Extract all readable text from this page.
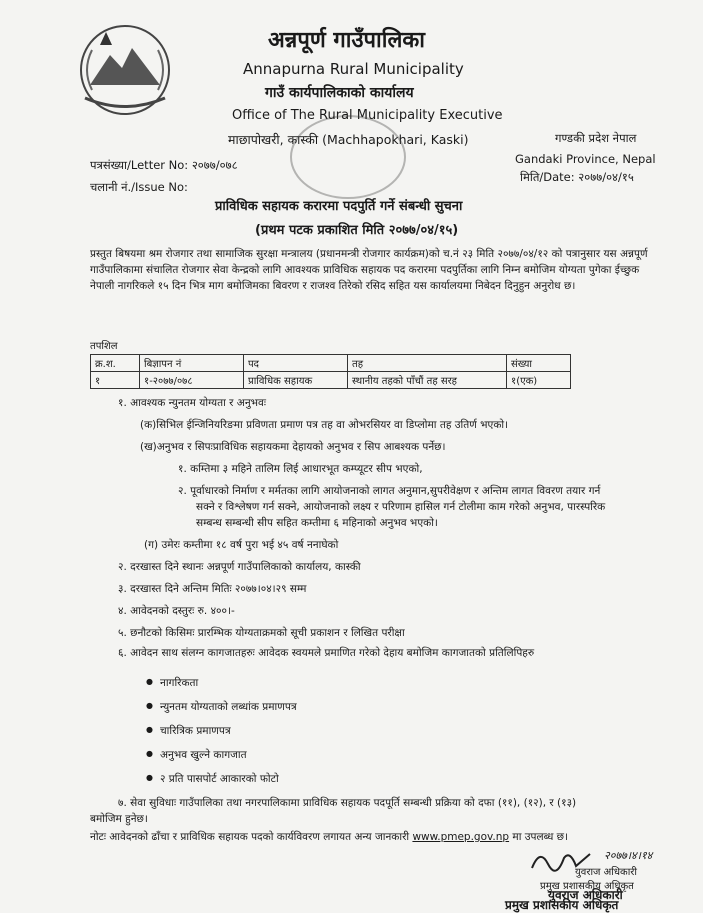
अन्नपूर्ण गाउँपालिका
Annapurna Rural Municipality
गाउँ कार्यपालिकाको कार्यालय
Office of The Rural Municipality Executive
माछापोखरी, कास्की (Machhapokhari, Kaski)	गण्डकी प्रदेश नेपाल
Gandaki Province, Nepal
पत्रसंख्या/Letter No: २०७७/०७८
चलानी नं./Issue No:
मिति/Date: २०७७/०४/१५
प्राविधिक सहायक करारमा पदपुर्ति गर्ने संबन्धी सुचना
(प्रथम पटक प्रकाशित मिति २०७७/०४/१५)
प्रस्तुत बिषयमा श्रम रोजगार तथा सामाजिक सुरक्षा मन्त्रालय (प्रधानमन्त्री रोजगार कार्यक्रम)को च.नं २३ मिति २०७७/०४/१२ को पत्रानुसार यस अन्नपूर्ण गाउँपालिकामा संचालित रोजगार सेवा केन्द्रको लागि आवश्यक प्राविधिक सहायक पद करारमा पदपुर्तिका लागि निम्न बमोजिम योग्यता पुगेका ईच्छुक नेपाली नागरिकले १५ दिन भित्र माग बमोजिमका बिवरण र राजश्व तिरेको रसिद सहित यस कार्यालयमा निबेदन दिनुहुन अनुरोध छ।
तपशिल
क्र.श.	बिज्ञापन नं	पद	तह	संख्या
१	१-२०७७/०७८	प्राविधिक सहायक	स्थानीय तहको पाँचौं तह सरह	१(एक)
१. आवश्यक न्युनतम योग्यता र अनुभवः
(क)सिभिल ईन्जिनियरिङमा प्रविणता प्रमाण पत्र तह वा ओभरसियर वा डिप्लोमा तह उतिर्ण भएको।
(ख)अनुभव र सिपःप्राविधिक सहायकमा देहायको अनुभव र सिप आबश्यक पर्नेछ।
१. कम्तिमा ३ महिने तालिम लिई आधारभूत कम्प्यूटर सीप भएको,
२. पूर्वाधारको निर्माण र मर्मतका लागि आयोजनाको लागत अनुमान,सुपरीवेक्षण र अन्तिम लागत विवरण तयार गर्न
सक्ने र विश्लेषण गर्न सक्ने, आयोजनाको लक्ष्य र परिणाम हासिल गर्न टोलीमा काम गरेको अनुभव, पारस्परिक
सम्बन्ध सम्बन्धी सीप सहित कम्तीमा ६ महिनाको अनुभव भएको।
(ग) उमेरः कम्तीमा १८ वर्ष पुरा भई ४५ वर्ष ननाघेको
२. दरखास्त दिने स्थानः अन्नपूर्ण गाउँपालिकाको कार्यालय, कास्की
३. दरखास्त दिने अन्तिम मितिः २०७७।०४।२९ सम्म
४. आवेदनको दस्तुरः रु. ४००।-
५. छनौटको किसिमः प्रारम्भिक योग्यताक्रमको सूची प्रकाशन र लिखित परीक्षा
६. आवेदन साथ संलग्न कागजातहरुः आवेदक स्वयमले प्रमाणित गरेको देहाय बमोजिम कागजातको प्रतिलिपिहरु
● नागरिकता
● न्युनतम योग्यताको लब्धांक प्रमाणपत्र
● चारित्रिक प्रमाणपत्र
● अनुभव खुल्ने कागजात
● २ प्रति पासपोर्ट आकारको फोटो
७. सेवा सुविधाः गाउँपालिका तथा नगरपालिकामा प्राविधिक सहायक पदपूर्ति सम्बन्धी प्रक्रिया को दफा (११), (१२), र (१३)
बमोजिम हुनेछ।
नोटः आवेदनको ढाँचा र प्राविधिक सहायक पदको कार्यविवरण लगायत अन्य जानकारी www.pmep.gov.np मा उपलब्ध छ।
२०७७।४।१४
युवराज अधिकारी
प्रमुख प्रशासकीय अधिकृत
युवराज अधिकारी
प्रमुख प्रशासकीय अधिकृत
